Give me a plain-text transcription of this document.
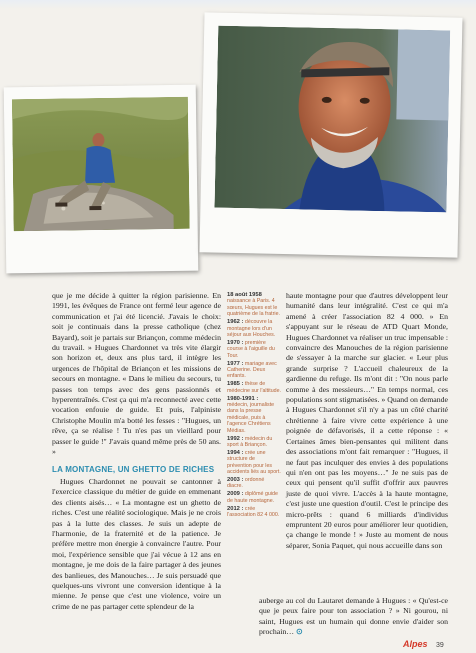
que je me décide à quitter la région parisienne. En 1991, les évêques de France ont fermé leur agence de communication et j'ai été licencié. J'avais le choix: soit je continuais dans la presse catholique (chez Bayard), soit je partais sur Briançon, comme médecin du travail. » Hugues Chardonnet va très vite élargir son horizon et, deux ans plus tard, il intègre les urgences de l'hôpital de Briançon et les missions de secours en montagne. « Dans le milieu du secours, tu passes ton temps avec des gens passionnés et hyperentraînés. C'est ça qui m'a reconnecté avec cette vocation enfouie de guide. Et puis, l'alpiniste Christophe Moulin m'a botté les fesses : "Hugues, un rêve, ça se réalise ! Tu n'es pas un vieillard pour passer le guide !" J'avais quand même près de 50 ans. »

LA MONTAGNE, UN GHETTO DE RICHES

Hugues Chardonnet ne pouvait se cantonner à l'exercice classique du métier de guide en emmenant des clients aisés… « La montagne est un ghetto de riches. C'est une réalité sociologique. Mais je ne crois pas à la lutte des classes. Je suis un adepte de l'harmonie, de la fraternité et de la patience. Je préfère mettre mon énergie à convaincre l'autre. Pour moi, l'expérience sensible que j'ai vécue à 12 ans en montagne, je me dois de la faire partager à des jeunes des banlieues, des Manouches… Je suis persuadé que quelques-uns vivront une conversion identique à la mienne. Je pense que c'est une violence, voire un crime de ne pas partager cette splendeur de la

18 août 1958 naissance à Paris. 4 sœurs, Hugues est le quatrième de la fratrie.
1962 : découvre la montagne lors d'un séjour aux Houches.
1970 : première course à l'aiguille du Tour.
1977 : mariage avec Catherine. Deux enfants.
1985 : thèse de médecine sur l'altitude.
1980-1991 : médecin, journaliste dans la presse médicale, puis à l'agence Chrétiens Médias.
1992 : médecin du sport à Briançon.
1994 : crée une structure de prévention pour les accidents liés au sport.
2003 : ordonné diacre.
2009 : diplômé guide de haute montagne.
2012 : crée l'association 82 4 000.

haute montagne pour que d'autres développent leur humanité dans leur intégralité. C'est ce qui m'a amené à créer l'association 82 4 000. » En s'appuyant sur le réseau de ATD Quart Monde, Hugues Chardonnet va réaliser un truc impensable : convaincre des Manouches de la région parisienne de s'essayer à la marche sur glacier. « Leur plus grande surprise ? L'accueil chaleureux de la gardienne du refuge. Ils m'ont dit : "On nous parle comme à des messieurs…" En temps normal, ces populations sont stigmatisées. » Quand on demande à Hugues Chardonnet s'il n'y a pas un côté charité chrétienne à faire vivre cette expérience à une poignée de défavorisés, il a cette réponse : « Certaines âmes bien-pensantes qui militent dans des associations m'ont fait remarquer : "Hugues, il ne faut pas inculquer des envies à des populations qui n'en ont pas les moyens…" Je ne suis pas de ceux qui pensent qu'il suffit d'offrir aux pauvres juste de quoi vivre. L'accès à la haute montagne, c'est juste une question d'outil. C'est le principe des micro-prêts : quand 6 milliards d'individus empruntent 20 euros pour améliorer leur quotidien, ça change le monde ! » Juste au moment de nous séparer, Sonia Paquet, qui nous accueille dans son

auberge au col du Lautaret demande à Hugues : « Qu'est-ce que je peux faire pour ton association ? » Ni gourou, ni saint, Hugues est un humain qui donne envie d'aider son prochain… ⊙

Alpes 39
